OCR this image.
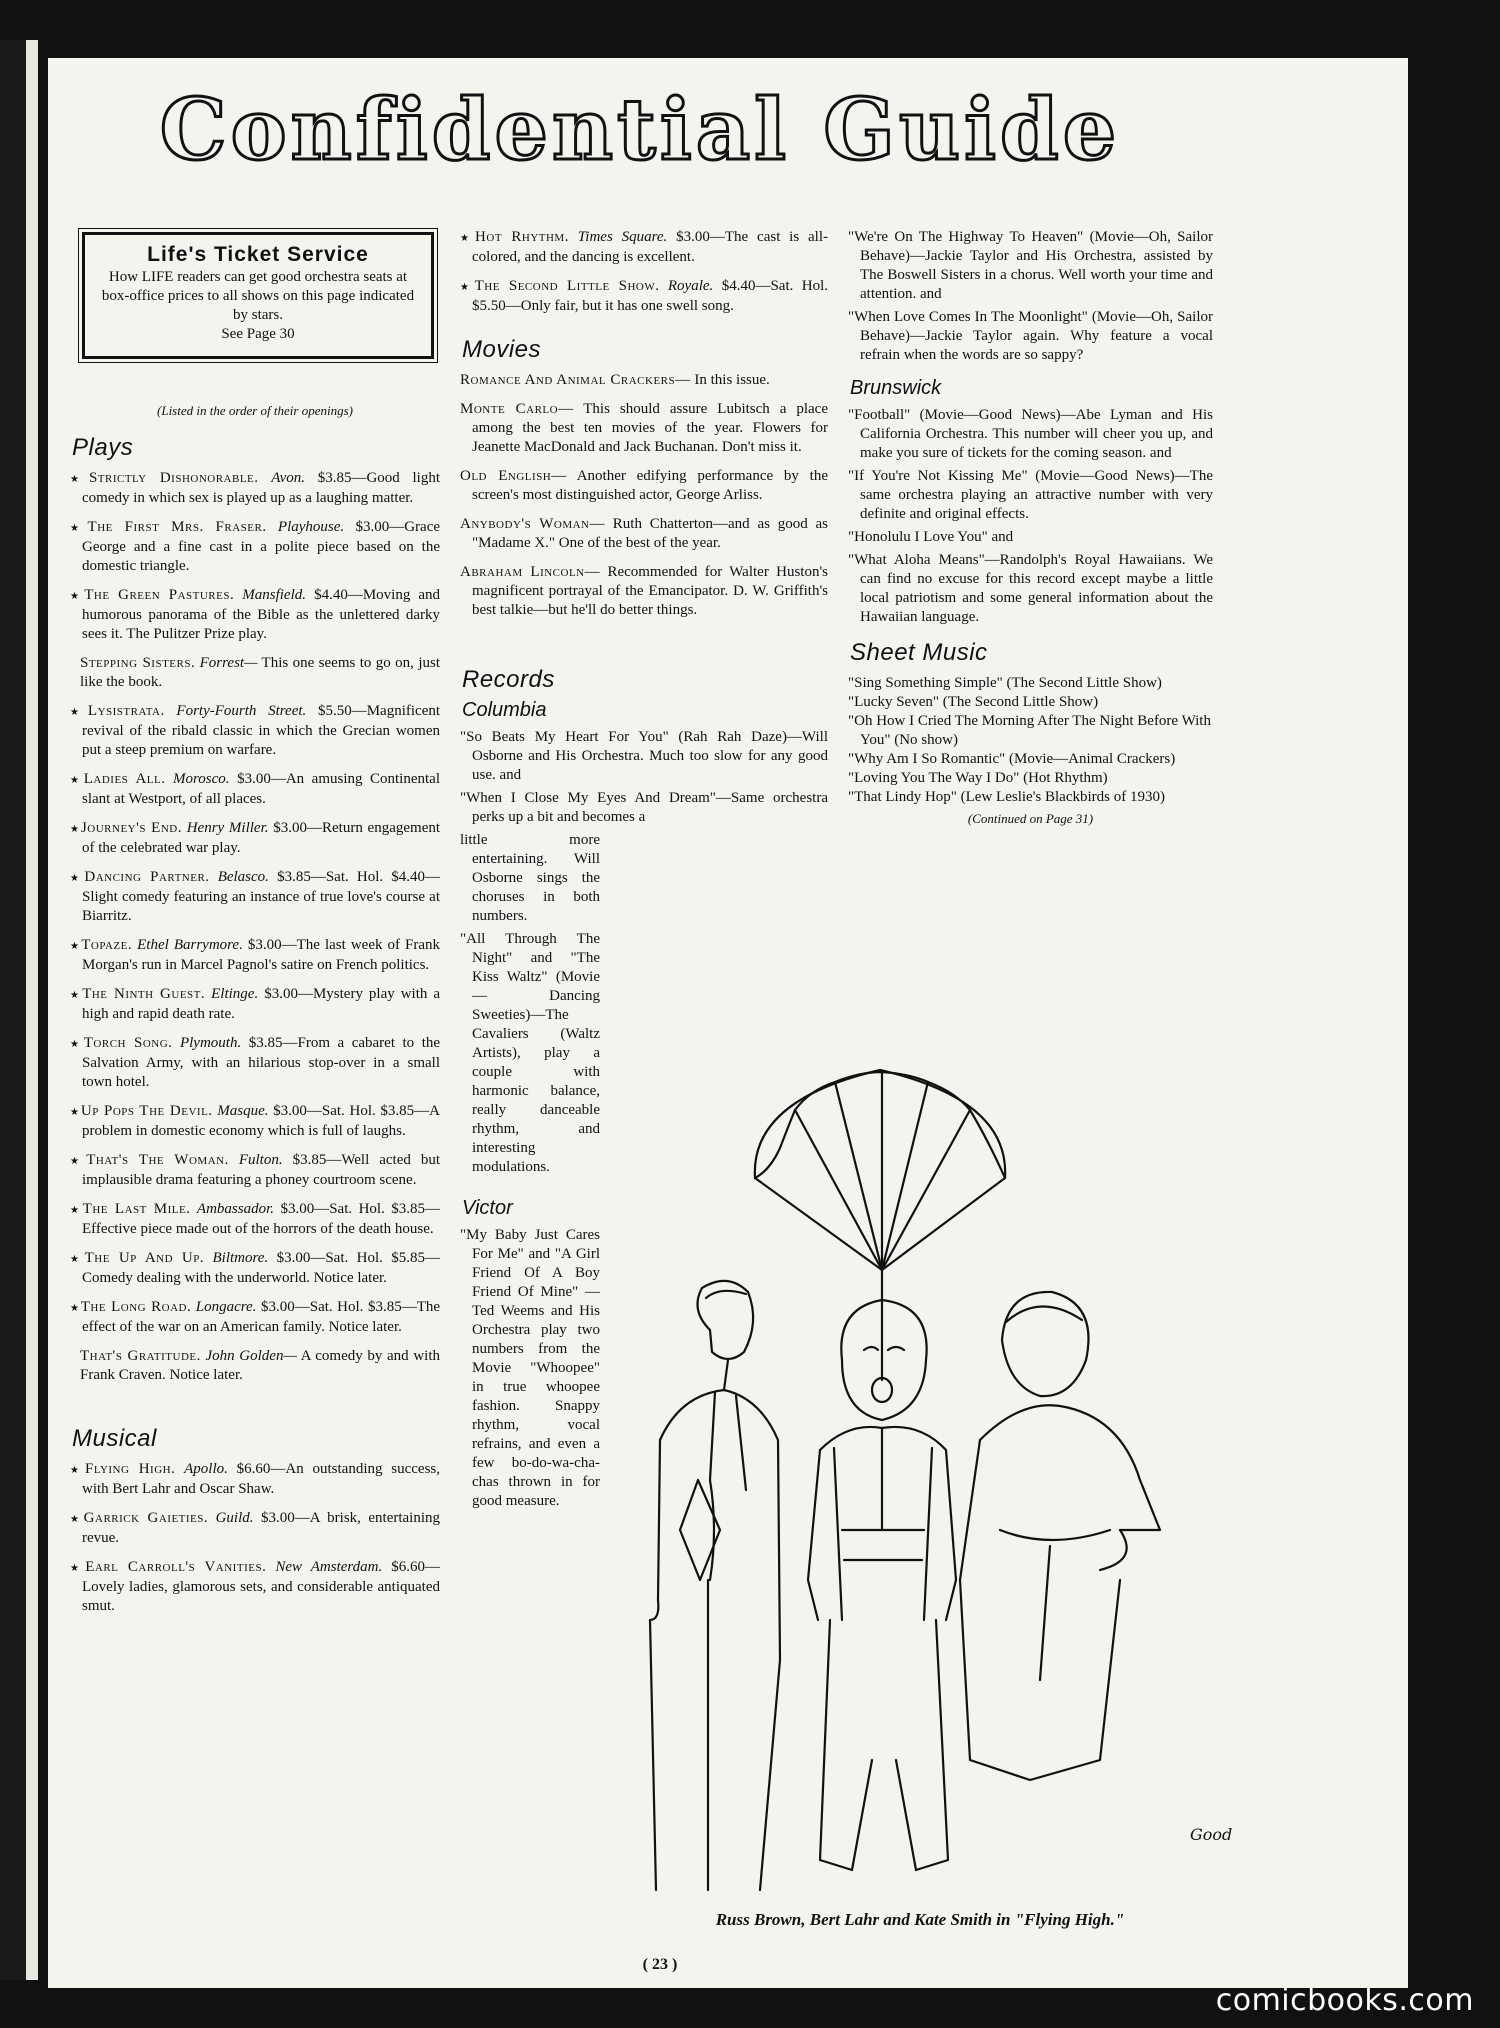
Confidential Guide
Life's Ticket Service
How LIFE readers can get good orchestra seats at box-office prices to all shows on this page indicated by stars.
See Page 30
(Listed in the order of their openings)
Plays
★ Strictly Dishonorable. Avon. $3.85—Good light comedy in which sex is played up as a laughing matter.
★ The First Mrs. Fraser. Playhouse. $3.00—Grace George and a fine cast in a polite piece based on the domestic triangle.
★ The Green Pastures. Mansfield. $4.40—Moving and humorous panorama of the Bible as the unlettered darky sees it. The Pulitzer Prize play.
Stepping Sisters. Forrest— This one seems to go on, just like the book.
★ Lysistrata. Forty-Fourth Street. $5.50—Magnificent revival of the ribald classic in which the Grecian women put a steep premium on warfare.
★ Ladies All. Morosco. $3.00—An amusing Continental slant at Westport, of all places.
★ Journey's End. Henry Miller. $3.00—Return engagement of the celebrated war play.
★ Dancing Partner. Belasco. $3.85—Sat. Hol. $4.40—Slight comedy featuring an instance of true love's course at Biarritz.
★ Topaze. Ethel Barrymore. $3.00—The last week of Frank Morgan's run in Marcel Pagnol's satire on French politics.
★ The Ninth Guest. Eltinge. $3.00—Mystery play with a high and rapid death rate.
★ Torch Song. Plymouth. $3.85—From a cabaret to the Salvation Army, with an hilarious stop-over in a small town hotel.
★ Up Pops The Devil. Masque. $3.00—Sat. Hol. $3.85—A problem in domestic economy which is full of laughs.
★ That's The Woman. Fulton. $3.85—Well acted but implausible drama featuring a phoney courtroom scene.
★ The Last Mile. Ambassador. $3.00—Sat. Hol. $3.85—Effective piece made out of the horrors of the death house.
★ The Up And Up. Biltmore. $3.00—Sat. Hol. $5.85—Comedy dealing with the underworld. Notice later.
★ The Long Road. Longacre. $3.00—Sat. Hol. $3.85—The effect of the war on an American family. Notice later.
That's Gratitude. John Golden— A comedy by and with Frank Craven. Notice later.
Musical
★ Flying High. Apollo. $6.60—An outstanding success, with Bert Lahr and Oscar Shaw.
★ Garrick Gaieties. Guild. $3.00—A brisk, entertaining revue.
★ Earl Carroll's Vanities. New Amsterdam. $6.60—Lovely ladies, glamorous sets, and considerable antiquated smut.
★ Hot Rhythm. Times Square. $3.00—The cast is all-colored, and the dancing is excellent.
★ The Second Little Show. Royale. $4.40—Sat. Hol. $5.50—Only fair, but it has one swell song.
Movies
Romance And Animal Crackers— In this issue.
Monte Carlo— This should assure Lubitsch a place among the best ten movies of the year. Flowers for Jeanette MacDonald and Jack Buchanan. Don't miss it.
Old English— Another edifying performance by the screen's most distinguished actor, George Arliss.
Anybody's Woman— Ruth Chatterton—and as good as "Madame X." One of the best of the year.
Abraham Lincoln— Recommended for Walter Huston's magnificent portrayal of the Emancipator. D. W. Griffith's best talkie—but he'll do better things.
Records
Columbia
"So Beats My Heart For You" (Rah Rah Daze)—Will Osborne and His Orchestra. Much too slow for any good use. and
"When I Close My Eyes And Dream"—Same orchestra perks up a bit and becomes a
little more entertaining. Will Osborne sings the choruses in both numbers.
"All Through The Night" and "The Kiss Waltz" (Movie — Dancing Sweeties)—The Cavaliers (Waltz Artists), play a couple with harmonic balance, really danceable rhythm, and interesting modulations.
Victor
"My Baby Just Cares For Me" and "A Girl Friend Of A Boy Friend Of Mine" — Ted Weems and His Orchestra play two numbers from the Movie "Whoopee" in true whoopee fashion. Snappy rhythm, vocal refrains, and even a few bo-do-wa-cha-chas thrown in for good measure.
"We're On The Highway To Heaven" (Movie—Oh, Sailor Behave)—Jackie Taylor and His Orchestra, assisted by The Boswell Sisters in a chorus. Well worth your time and attention. and
"When Love Comes In The Moonlight" (Movie—Oh, Sailor Behave)—Jackie Taylor again. Why feature a vocal refrain when the words are so sappy?
Brunswick
"Football" (Movie—Good News)—Abe Lyman and His California Orchestra. This number will cheer you up, and make you sure of tickets for the coming season. and
"If You're Not Kissing Me" (Movie—Good News)—The same orchestra playing an attractive number with very definite and original effects.
"Honolulu I Love You" and
"What Aloha Means"—Randolph's Royal Hawaiians. We can find no excuse for this record except maybe a little local patriotism and some general information about the Hawaiian language.
Sheet Music
"Sing Something Simple" (The Second Little Show)
"Lucky Seven" (The Second Little Show)
"Oh How I Cried The Morning After The Night Before With You" (No show)
"Why Am I So Romantic" (Movie—Animal Crackers)
"Loving You The Way I Do" (Hot Rhythm)
"That Lindy Hop" (Lew Leslie's Blackbirds of 1930)
(Continued on Page 31)
Good
Russ Brown, Bert Lahr and Kate Smith in "Flying High."
( 23 )
comicbooks.com
